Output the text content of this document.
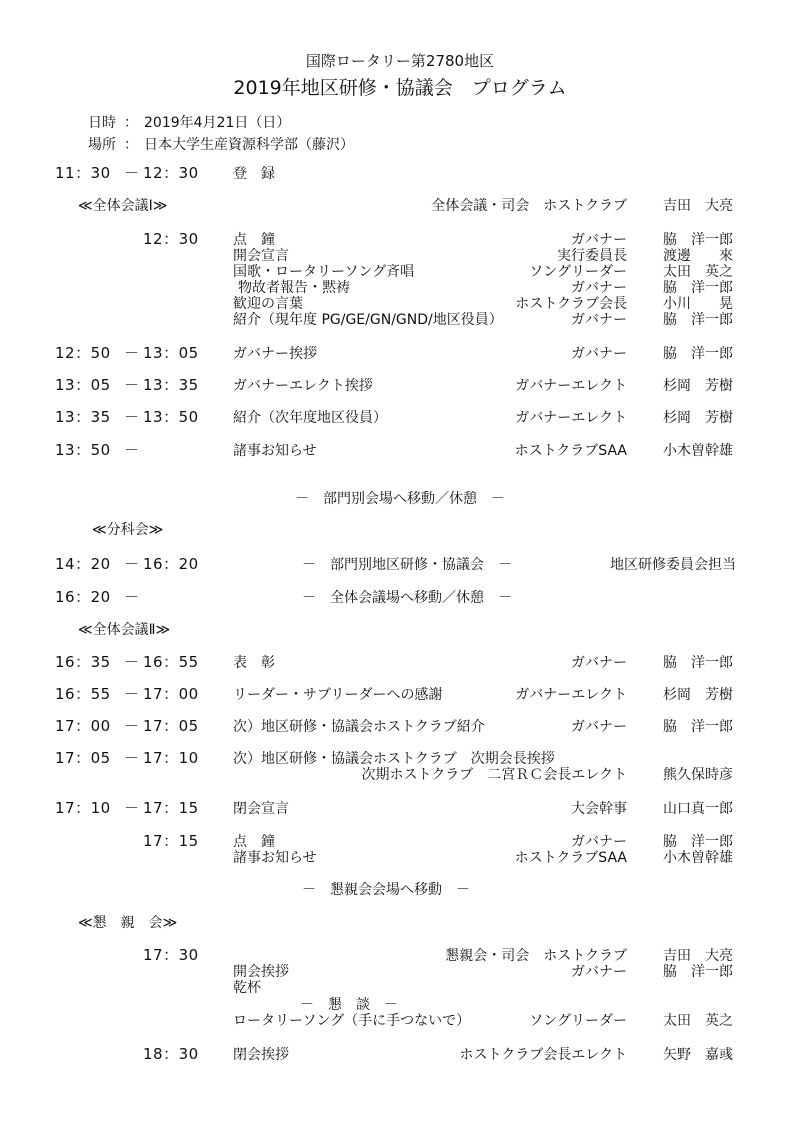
国際ロータリー第2780地区
2019年地区研修・協議会　プログラム
日時 ： 2019年4月21日（日）
場所 ： 日本大学生産資源科学部（藤沢）
11：30 － 12：30 登　録
≪全体会議Ⅰ≫	全体会議・司会　ホストクラブ	吉田　大亮
12：30 点　鐘	ガバナー	脇　洋一郎
開会宣言	実行委員長	渡邊　　來
国歌・ロータリーソング斉唱	ソングリーダー	太田　英之
物故者報告・黙祷	ガバナー	脇　洋一郎
歓迎の言葉	ホストクラブ会長	小川　　晃
紹介（現年度 PG/GE/GN/GND/地区役員）	ガバナー	脇　洋一郎
12：50 － 13：05 ガバナー挨拶	ガバナー	脇　洋一郎
13：05 － 13：35 ガバナーエレクト挨拶	ガバナーエレクト	杉岡　芳樹
13：35 － 13：50 紹介（次年度地区役員）	ガバナーエレクト	杉岡　芳樹
13：50 －	諸事お知らせ	ホストクラブSAA	小木曽幹雄
－　部門別会場へ移動／休憩　－
≪分科会≫
14：20 － 16：20	－　部門別地区研修・協議会　－	地区研修委員会担当
16：20 －	－　全体会議場へ移動／休憩　－
≪全体会議Ⅱ≫
16：35 － 16：55 表　彰	ガバナー	脇　洋一郎
16：55 － 17：00 リーダー・サブリーダーへの感謝	ガバナーエレクト	杉岡　芳樹
17：00 － 17：05 次）地区研修・協議会ホストクラブ紹介	ガバナー	脇　洋一郎
17：05 － 17：10 次）地区研修・協議会ホストクラブ　次期会長挨拶
次期ホストクラブ　二宮ＲＣ会長エレクト	熊久保時彦
17：10 － 17：15 閉会宣言	大会幹事	山口真一郎
17：15 点　鐘	ガバナー	脇　洋一郎
諸事お知らせ	ホストクラブSAA	小木曽幹雄
－　懇親会会場へ移動　－
≪懇　親　会≫
17：30	懇親会・司会　ホストクラブ	吉田　大亮
開会挨拶	ガバナー	脇　洋一郎
乾杯
－　懇　談　－
ロータリーソング（手に手つないで）	ソングリーダー	太田　英之
18：30 閉会挨拶	ホストクラブ会長エレクト	矢野　嘉彧
